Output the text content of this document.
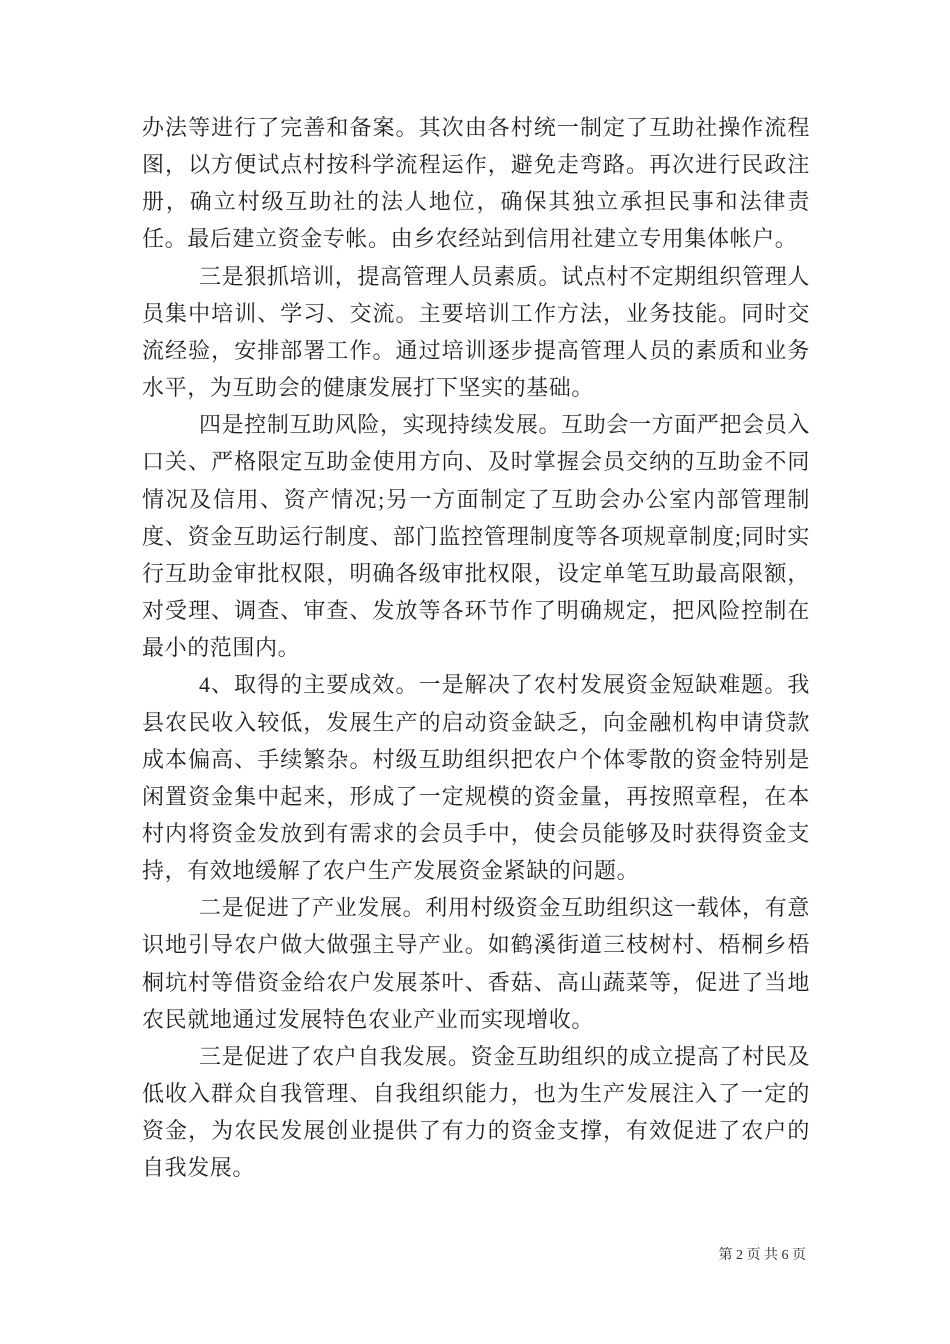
办法等进行了完善和备案。其次由各村统一制定了互助社操作流程图，以方便试点村按科学流程运作，避免走弯路。再次进行民政注册，确立村级互助社的法人地位，确保其独立承担民事和法律责任。最后建立资金专帐。由乡农经站到信用社建立专用集体帐户。

三是狠抓培训，提高管理人员素质。试点村不定期组织管理人员集中培训、学习、交流。主要培训工作方法，业务技能。同时交流经验，安排部署工作。通过培训逐步提高管理人员的素质和业务水平，为互助会的健康发展打下坚实的基础。

四是控制互助风险，实现持续发展。互助会一方面严把会员入口关、严格限定互助金使用方向、及时掌握会员交纳的互助金不同情况及信用、资产情况;另一方面制定了互助会办公室内部管理制度、资金互助运行制度、部门监控管理制度等各项规章制度;同时实行互助金审批权限，明确各级审批权限，设定单笔互助最高限额，对受理、调查、审查、发放等各环节作了明确规定，把风险控制在最小的范围内。

4、取得的主要成效。一是解决了农村发展资金短缺难题。我县农民收入较低，发展生产的启动资金缺乏，向金融机构申请贷款成本偏高、手续繁杂。村级互助组织把农户个体零散的资金特别是闲置资金集中起来，形成了一定规模的资金量，再按照章程，在本村内将资金发放到有需求的会员手中，使会员能够及时获得资金支持，有效地缓解了农户生产发展资金紧缺的问题。

二是促进了产业发展。利用村级资金互助组织这一载体，有意识地引导农户做大做强主导产业。如鹤溪街道三枝树村、梧桐乡梧桐坑村等借资金给农户发展茶叶、香菇、高山蔬菜等，促进了当地农民就地通过发展特色农业产业而实现增收。

三是促进了农户自我发展。资金互助组织的成立提高了村民及低收入群众自我管理、自我组织能力，也为生产发展注入了一定的资金，为农民发展创业提供了有力的资金支撑，有效促进了农户的自我发展。

第 2 页 共 6 页
